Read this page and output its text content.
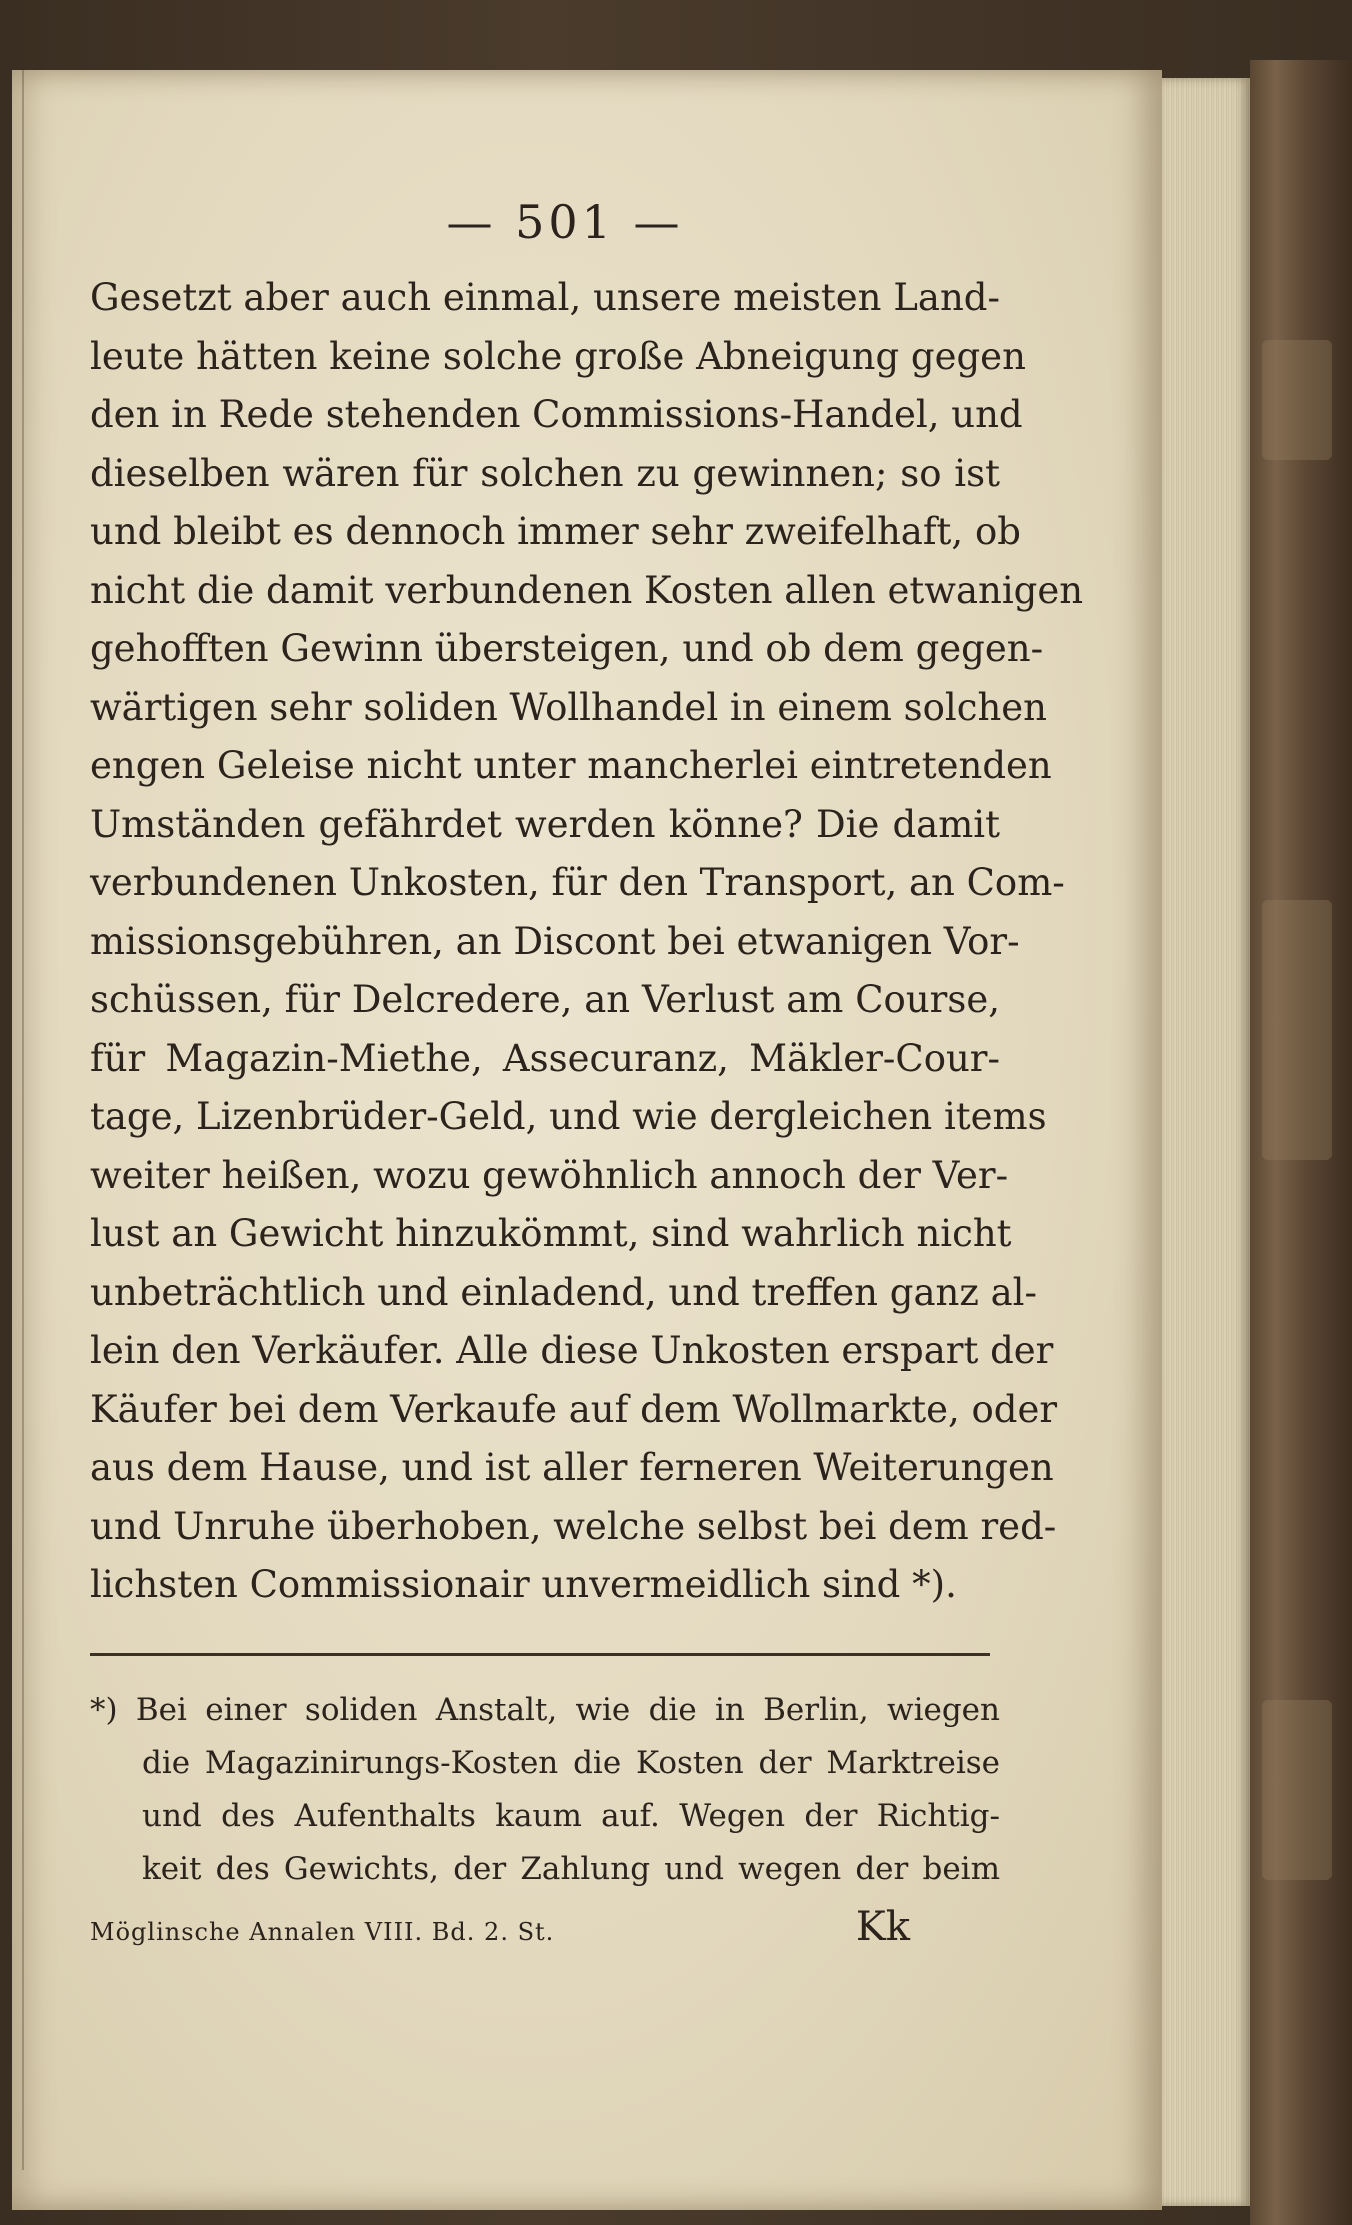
— 501 —
Gesetzt aber auch einmal, unsere meisten Land-
leute hätten keine solche große Abneigung gegen
den in Rede stehenden Commissions-Handel, und
dieselben wären für solchen zu gewinnen; so ist
und bleibt es dennoch immer sehr zweifelhaft, ob
nicht die damit verbundenen Kosten allen etwanigen
gehofften Gewinn übersteigen, und ob dem gegen-
wärtigen sehr soliden Wollhandel in einem solchen
engen Geleise nicht unter mancherlei eintretenden
Umständen gefährdet werden könne? Die damit
verbundenen Unkosten, für den Transport, an Com-
missionsgebühren, an Discont bei etwanigen Vor-
schüssen, für Delcredere, an Verlust am Course,
für Magazin-Miethe, Assecuranz, Mäkler-Cour-
tage, Lizenbrüder-Geld, und wie dergleichen items
weiter heißen, wozu gewöhnlich annoch der Ver-
lust an Gewicht hinzukömmt, sind wahrlich nicht
unbeträchtlich und einladend, und treffen ganz al-
lein den Verkäufer. Alle diese Unkosten erspart der
Käufer bei dem Verkaufe auf dem Wollmarkte, oder
aus dem Hause, und ist aller ferneren Weiterungen
und Unruhe überhoben, welche selbst bei dem red-
lichsten Commissionair unvermeidlich sind *).
*) Bei einer soliden Anstalt, wie die in Berlin, wiegen
die Magazinirungs-Kosten die Kosten der Marktreise
und des Aufenthalts kaum auf. Wegen der Richtig-
keit des Gewichts, der Zahlung und wegen der beim
Möglinsche Annalen VIII. Bd. 2. St.	Kk
